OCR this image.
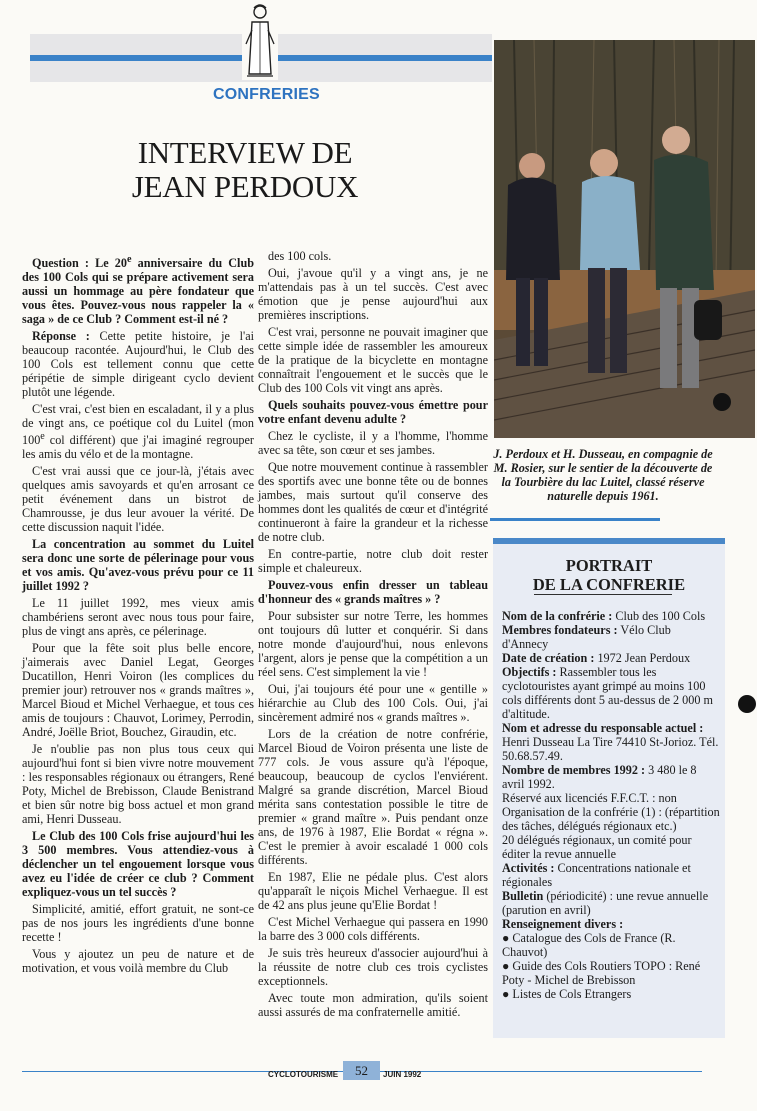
CONFRERIES
INTERVIEW DE
JEAN PERDOUX

Question : Le 20e anniversaire du Club des 100 Cols qui se prépare activement sera aussi un hommage au père fondateur que vous êtes. Pouvez-vous nous rappeler la « saga » de ce Club ? Comment est-il né ?

Réponse : Cette petite histoire, je l'ai beaucoup racontée. Aujourd'hui, le Club des 100 Cols est tellement connu que cette péripétie de simple dirigeant cyclo devient plutôt une légende.

C'est vrai, c'est bien en escaladant, il y a plus de vingt ans, ce poétique col du Luitel (mon 100e col différent) que j'ai imaginé regrouper les amis du vélo et de la montagne.

C'est vrai aussi que ce jour-là, j'étais avec quelques amis savoyards et qu'en arrosant ce petit événement dans un bistrot de Chamrousse, je dus leur avouer la vérité. De cette discussion naquit l'idée.

La concentration au sommet du Luitel sera donc une sorte de pélerinage pour vous et vos amis. Qu'avez-vous prévu pour ce 11 juillet 1992 ?

Le 11 juillet 1992, mes vieux amis chambériens seront avec nous tous pour faire, plus de vingt ans après, ce pélerinage.

Pour que la fête soit plus belle encore, j'aimerais avec Daniel Legat, Georges Ducatillon, Henri Voiron (les complices du premier jour) retrouver nos « grands maîtres », Marcel Bioud et Michel Verhaegue, et tous ces amis de toujours : Chauvot, Lorimey, Perrodin, André, Joëlle Briot, Bouchez, Giraudin, etc.

Je n'oublie pas non plus tous ceux qui aujourd'hui font si bien vivre notre mouvement : les responsables régionaux ou étrangers, René Poty, Michel de Brebisson, Claude Benistrand et bien sûr notre big boss actuel et mon grand ami, Henri Dusseau.

Le Club des 100 Cols frise aujourd'hui les 3 500 membres. Vous attendiez-vous à déclencher un tel engouement lorsque vous avez eu l'idée de créer ce club ? Comment expliquez-vous un tel succès ?

Simplicité, amitié, effort gratuit, ne sont-ce pas de nos jours les ingrédients d'une bonne recette !

Vous y ajoutez un peu de nature et de motivation, et vous voilà membre du Club

des 100 cols.

Oui, j'avoue qu'il y a vingt ans, je ne m'attendais pas à un tel succès. C'est avec émotion que je pense aujourd'hui aux premières inscriptions.

C'est vrai, personne ne pouvait imaginer que cette simple idée de rassembler les amoureux de la pratique de la bicyclette en montagne connaîtrait l'engouement et le succès que le Club des 100 Cols vit vingt ans après.

Quels souhaits pouvez-vous émettre pour votre enfant devenu adulte ?

Chez le cycliste, il y a l'homme, l'homme avec sa tête, son cœur et ses jambes.

Que notre mouvement continue à rassembler des sportifs avec une bonne tête ou de bonnes jambes, mais surtout qu'il conserve des hommes dont les qualités de cœur et d'intégrité continueront à faire la grandeur et la richesse de notre club.

En contre-partie, notre club doit rester simple et chaleureux.

Pouvez-vous enfin dresser un tableau d'honneur des « grands maîtres » ?

Pour subsister sur notre Terre, les hommes ont toujours dû lutter et conquérir. Si dans notre monde d'aujourd'hui, nous enlevons l'argent, alors je pense que la compétition a un réel sens. C'est simplement la vie !

Oui, j'ai toujours été pour une « gentille » hiérarchie au Club des 100 Cols. Oui, j'ai sincèrement admiré nos « grands maîtres ».

Lors de la création de notre confrérie, Marcel Bioud de Voiron présenta une liste de 777 cols. Je vous assure qu'à l'époque, beaucoup, beaucoup de cyclos l'enviérent. Malgré sa grande discrétion, Marcel Bioud mérita sans contestation possible le titre de premier « grand maître ». Puis pendant onze ans, de 1976 à 1987, Elie Bordat « régna ». C'est le premier à avoir escaladé 1 000 cols différents.

En 1987, Elie ne pédale plus. C'est alors qu'apparaît le niçois Michel Verhaegue. Il est de 42 ans plus jeune qu'Elie Bordat !

C'est Michel Verhaegue qui passera en 1990 la barre des 3 000 cols différents.

Je suis très heureux d'associer aujourd'hui à la réussite de notre club ces trois cyclistes exceptionnels.

Avec toute mon admiration, qu'ils soient aussi assurés de ma confraternelle amitié.

J. Perdoux et H. Dusseau, en compagnie de M. Rosier, sur le sentier de la découverte de la Tourbière du lac Luitel, classé réserve naturelle depuis 1961.
PORTRAIT
DE LA CONFRERIE
Nom de la confrérie : Club des 100 Cols
Membres fondateurs : Vélo Club d'Annecy
Date de création : 1972 Jean Perdoux
Objectifs : Rassembler tous les cyclotouristes ayant grimpé au moins 100 cols différents dont 5 au-dessus de 2 000 m d'altitude.
Nom et adresse du responsable actuel : Henri Dusseau La Tire 74410 St-Jorioz. Tél. 50.68.57.49.
Nombre de membres 1992 : 3 480 le 8 avril 1992.
Réservé aux licenciés F.F.C.T. : non
Organisation de la confrérie (1) : (répartition des tâches, délégués régionaux etc.)
20 délégués régionaux, un comité pour éditer la revue annuelle
Activités : Concentrations nationale et régionales
Bulletin (périodicité) : une revue annuelle (parution en avril)
Renseignement divers :
● Catalogue des Cols de France (R. Chauvot)
● Guide des Cols Routiers TOPO : René Poty - Michel de Brebisson
● Listes de Cols Etrangers
CYCLOTOURISME	52	JUIN 1992
